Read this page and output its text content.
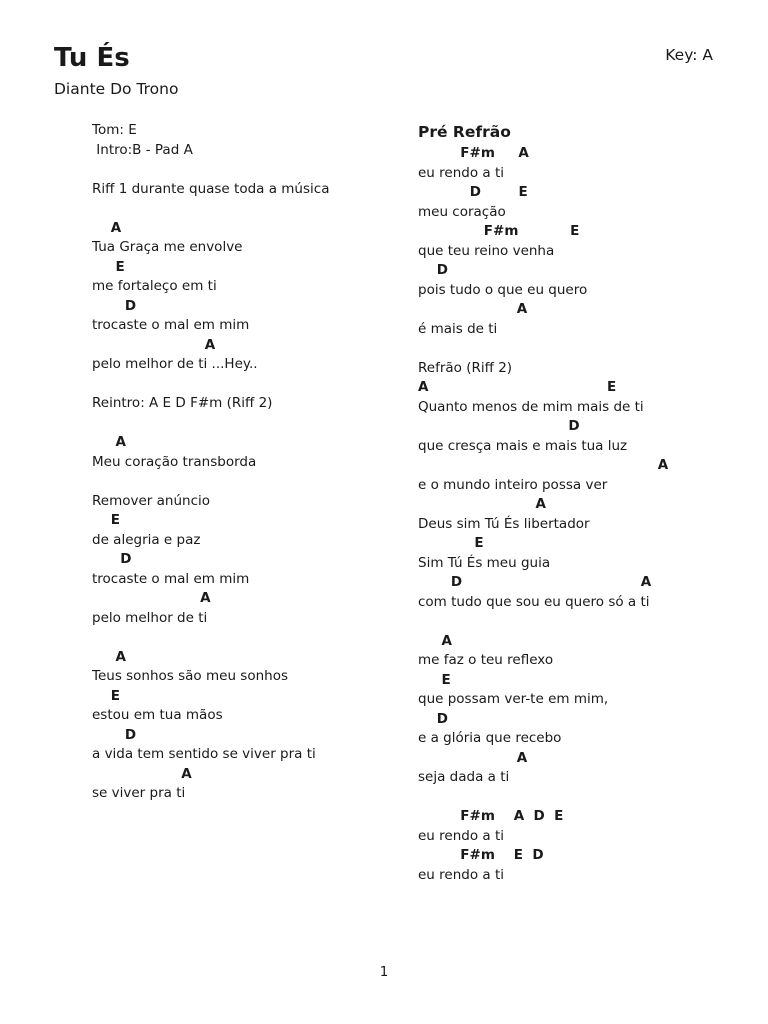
Tu És
Diante Do Trono
Key: A
Tom: E
Intro:B - Pad A
Riff 1 durante quase toda a música
A
Tua Graça me envolve
E
me fortaleço em ti
D
trocaste o mal em mim
A
pelo melhor de ti ...Hey..
Reintro: A E D F#m (Riff 2)
A
Meu coração transborda
Remover anúncio
E
de alegria e paz
D
trocaste o mal em mim
A
pelo melhor de ti
A
Teus sonhos são meu sonhos
E
estou em tua mãos
D
a vida tem sentido se viver pra ti
A
se viver pra ti
Pré Refrão
F#m     A
eu rendo a ti
D        E
meu coração
F#m           E
que teu reino venha
D
pois tudo o que eu quero
A
é mais de ti
Refrão (Riff 2)
A                                      E
Quanto menos de mim mais de ti
D
que cresça mais e mais tua luz
A
e o mundo inteiro possa ver
A
Deus sim Tú És libertador
E
Sim Tú És meu guia
D                                      A
com tudo que sou eu quero só a ti
A
me faz o teu reflexo
E
que possam ver-te em mim,
D
e a glória que recebo
A
seja dada a ti
F#m    A  D  E
eu rendo a ti
F#m    E  D
eu rendo a ti
1
